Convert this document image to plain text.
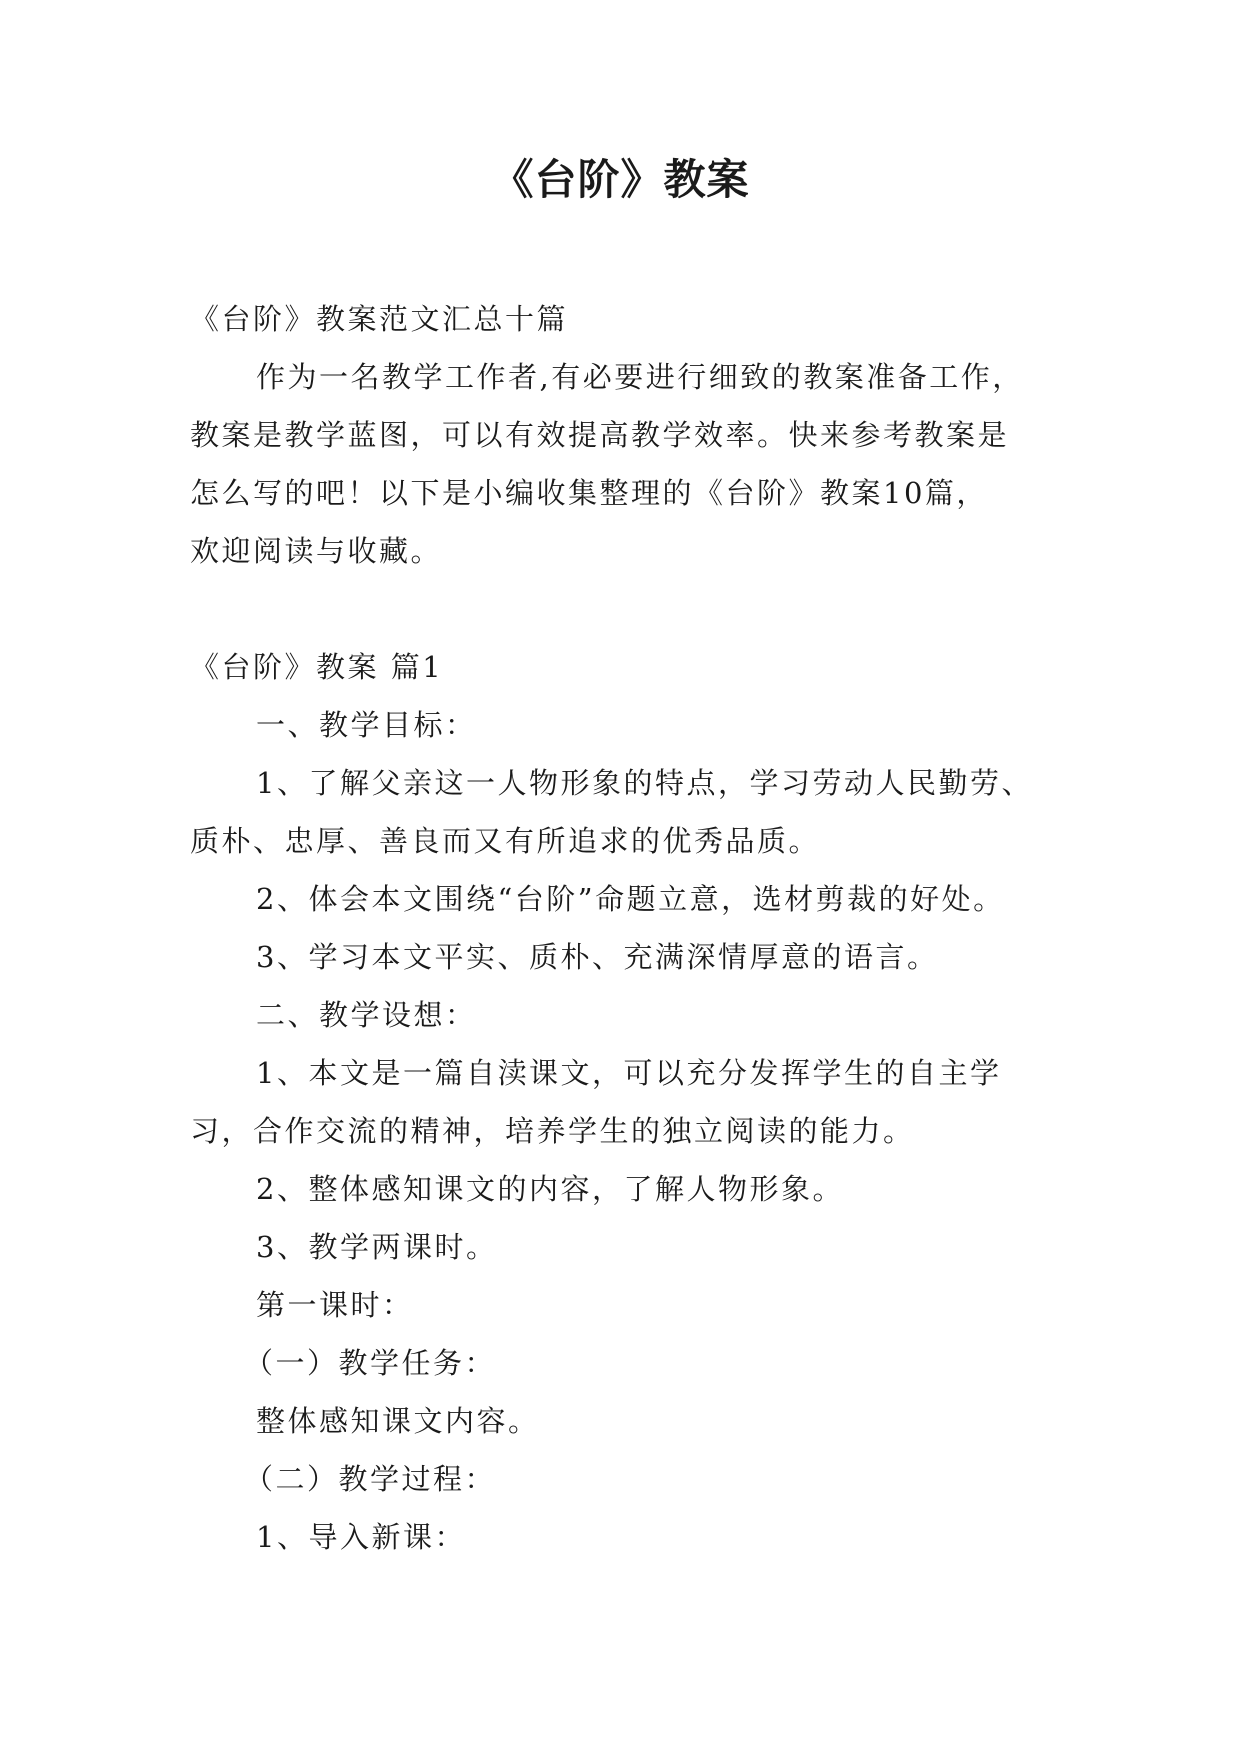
《台阶》教案

《台阶》教案范文汇总十篇

作为一名教学工作者,有必要进行细致的教案准备工作，

教案是教学蓝图，可以有效提高教学效率。快来参考教案是

怎么写的吧！以下是小编收集整理的《台阶》教案10篇，

欢迎阅读与收藏。

《台阶》教案 篇1

一、教学目标：

1、了解父亲这一人物形象的特点，学习劳动人民勤劳、

质朴、忠厚、善良而又有所追求的优秀品质。

2、体会本文围绕“台阶”命题立意，选材剪裁的好处。

3、学习本文平实、质朴、充满深情厚意的语言。

二、教学设想：

1、本文是一篇自渎课文，可以充分发挥学生的自主学

习，合作交流的精神，培养学生的独立阅读的能力。

2、整体感知课文的内容，了解人物形象。

3、教学两课时。

第一课时：

（一）教学任务：

整体感知课文内容。

（二）教学过程：

1、导入新课：
